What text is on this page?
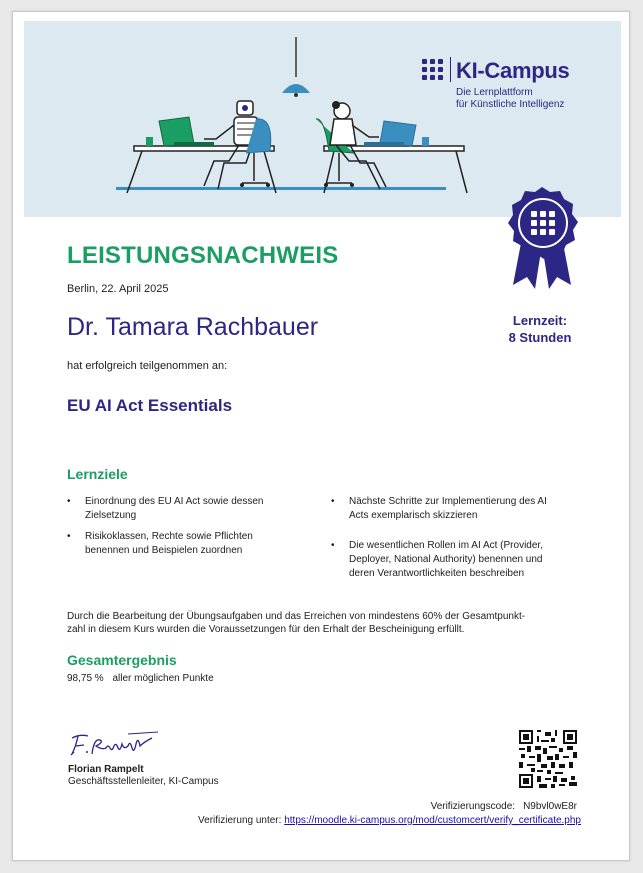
KI-Campus
Die Lernplattform
für Künstliche Intelligenz
LEISTUNGSNACHWEIS
Berlin, 22. April 2025
Dr. Tamara Rachbauer	Lernzeit:
8 Stunden
hat erfolgreich teilgenommen an:
EU AI Act Essentials
Lernziele
• Einordnung des EU AI Act sowie dessen
Zielsetzung
• Risikoklassen, Rechte sowie Pflichten
benennen und Beispielen zuordnen
• Nächste Schritte zur Implementierung des AI
Acts exemplarisch skizzieren
• Die wesentlichen Rollen im AI Act (Provider,
Deployer, National Authority) benennen und
deren Verantwortlichkeiten beschreiben
Durch die Bearbeitung der Übungsaufgaben und das Erreichen von mindestens 60% der Gesamtpunkt-
zahl in diesem Kurs wurden die Voraussetzungen für den Erhalt der Bescheinigung erfüllt.
Gesamtergebnis
98,75 % aller möglichen Punkte
Florian Rampelt
Geschäftsstellenleiter, KI-Campus
Verifizierungscode: N9bvl0wE8r
Verifizierung unter: https://moodle.ki-campus.org/mod/customcert/verify_certificate.php
